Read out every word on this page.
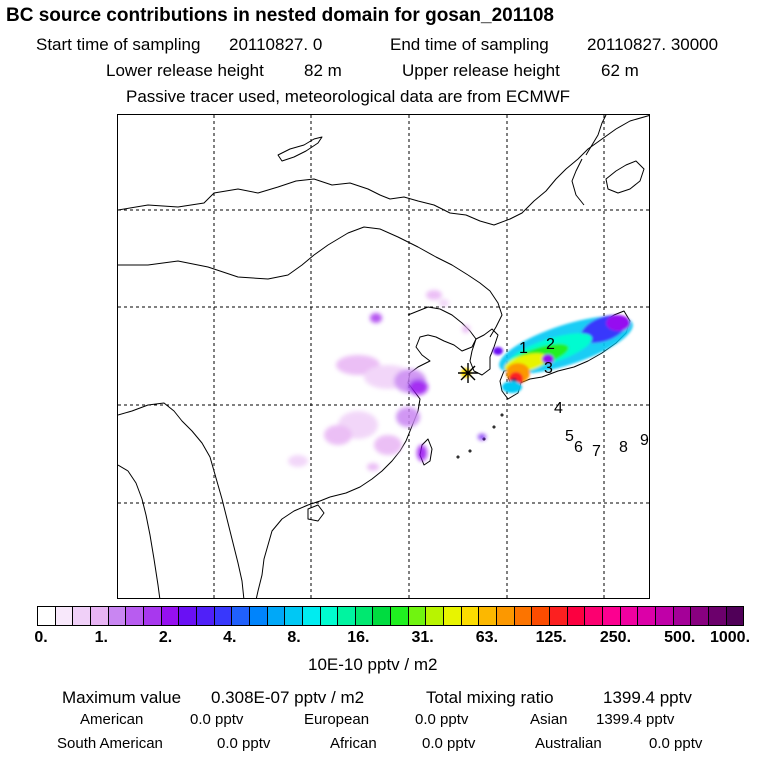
BC source contributions in nested domain for gosan_201108
Start time of sampling 20110827. 0	End time of sampling 20110827. 30000
Lower release height 82 m	Upper release height 62 m
Passive tracer used, meteorological data are from ECMWF
1 2
3
4
5
6 7 8 9
0.	1.	2.	4.	8.	16.	31.	63. 125. 250. 500. 1000.
10E-10 pptv / m2
Maximum value 0.308E-07 pptv / m2	Total mixing ratio	1399.4 pptv
American	0.0 pptv	European	0.0 pptv	Asian 1399.4 pptv
South American	0.0 pptv	African	0.0 pptv	Australian	0.0 pptv
